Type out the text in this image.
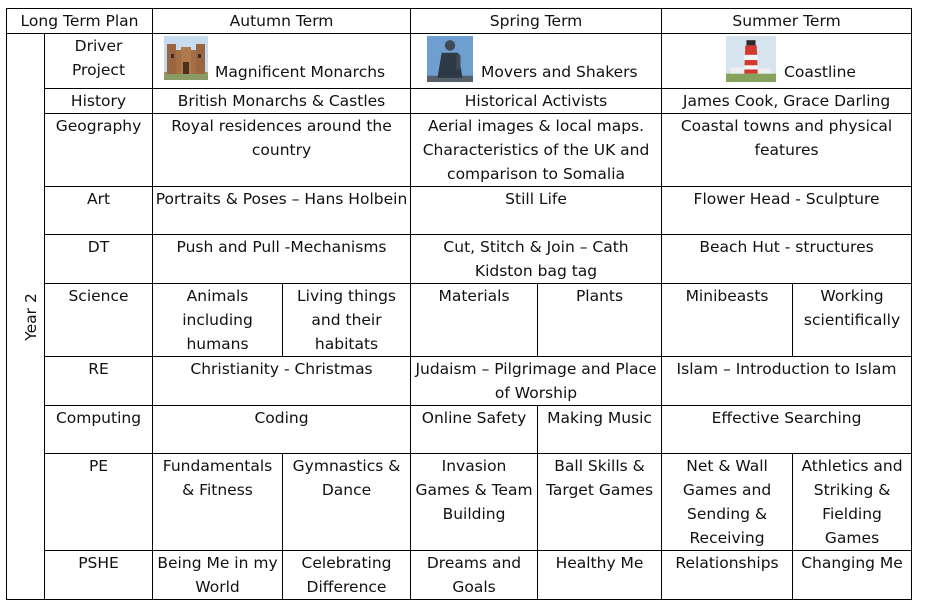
Long Term Plan		Autumn Term		Spring Term		Summer Term	
Year 2	Driver Project	Magnificent Monarchs		Movers and Shakers		Coastline	

	History	British Monarchs & Castles		Historical Activists		James Cook, Grace Darling	
	Geography	Royal residences around the country		Aerial images & local maps. Characteristics of the UK and comparison to Somalia		Coastal towns and physical features	
	Art	Portraits & Poses – Hans Holbein		Still Life		Flower Head - Sculpture	
	DT	Push and Pull -Mechanisms		Cut, Stitch & Join – Cath Kidston bag tag		Beach Hut - structures	
	Science	Animals including humans	Living things and their habitats	Materials	Plants	Minibeasts	Working scientifically
	RE	Christianity - Christmas		Judaism – Pilgrimage and Place of Worship		Islam – Introduction to Islam	
	Computing	Coding		Online Safety	Making Music	Effective Searching	
	PE	Fundamentals & Fitness	Gymnastics & Dance	Invasion Games & Team Building	Ball Skills & Target Games	Net & Wall Games and Sending & Receiving	Athletics and Striking & Fielding Games
	PSHE	Being Me in my World	Celebrating Difference	Dreams and Goals	Healthy Me	Relationships	Changing Me
